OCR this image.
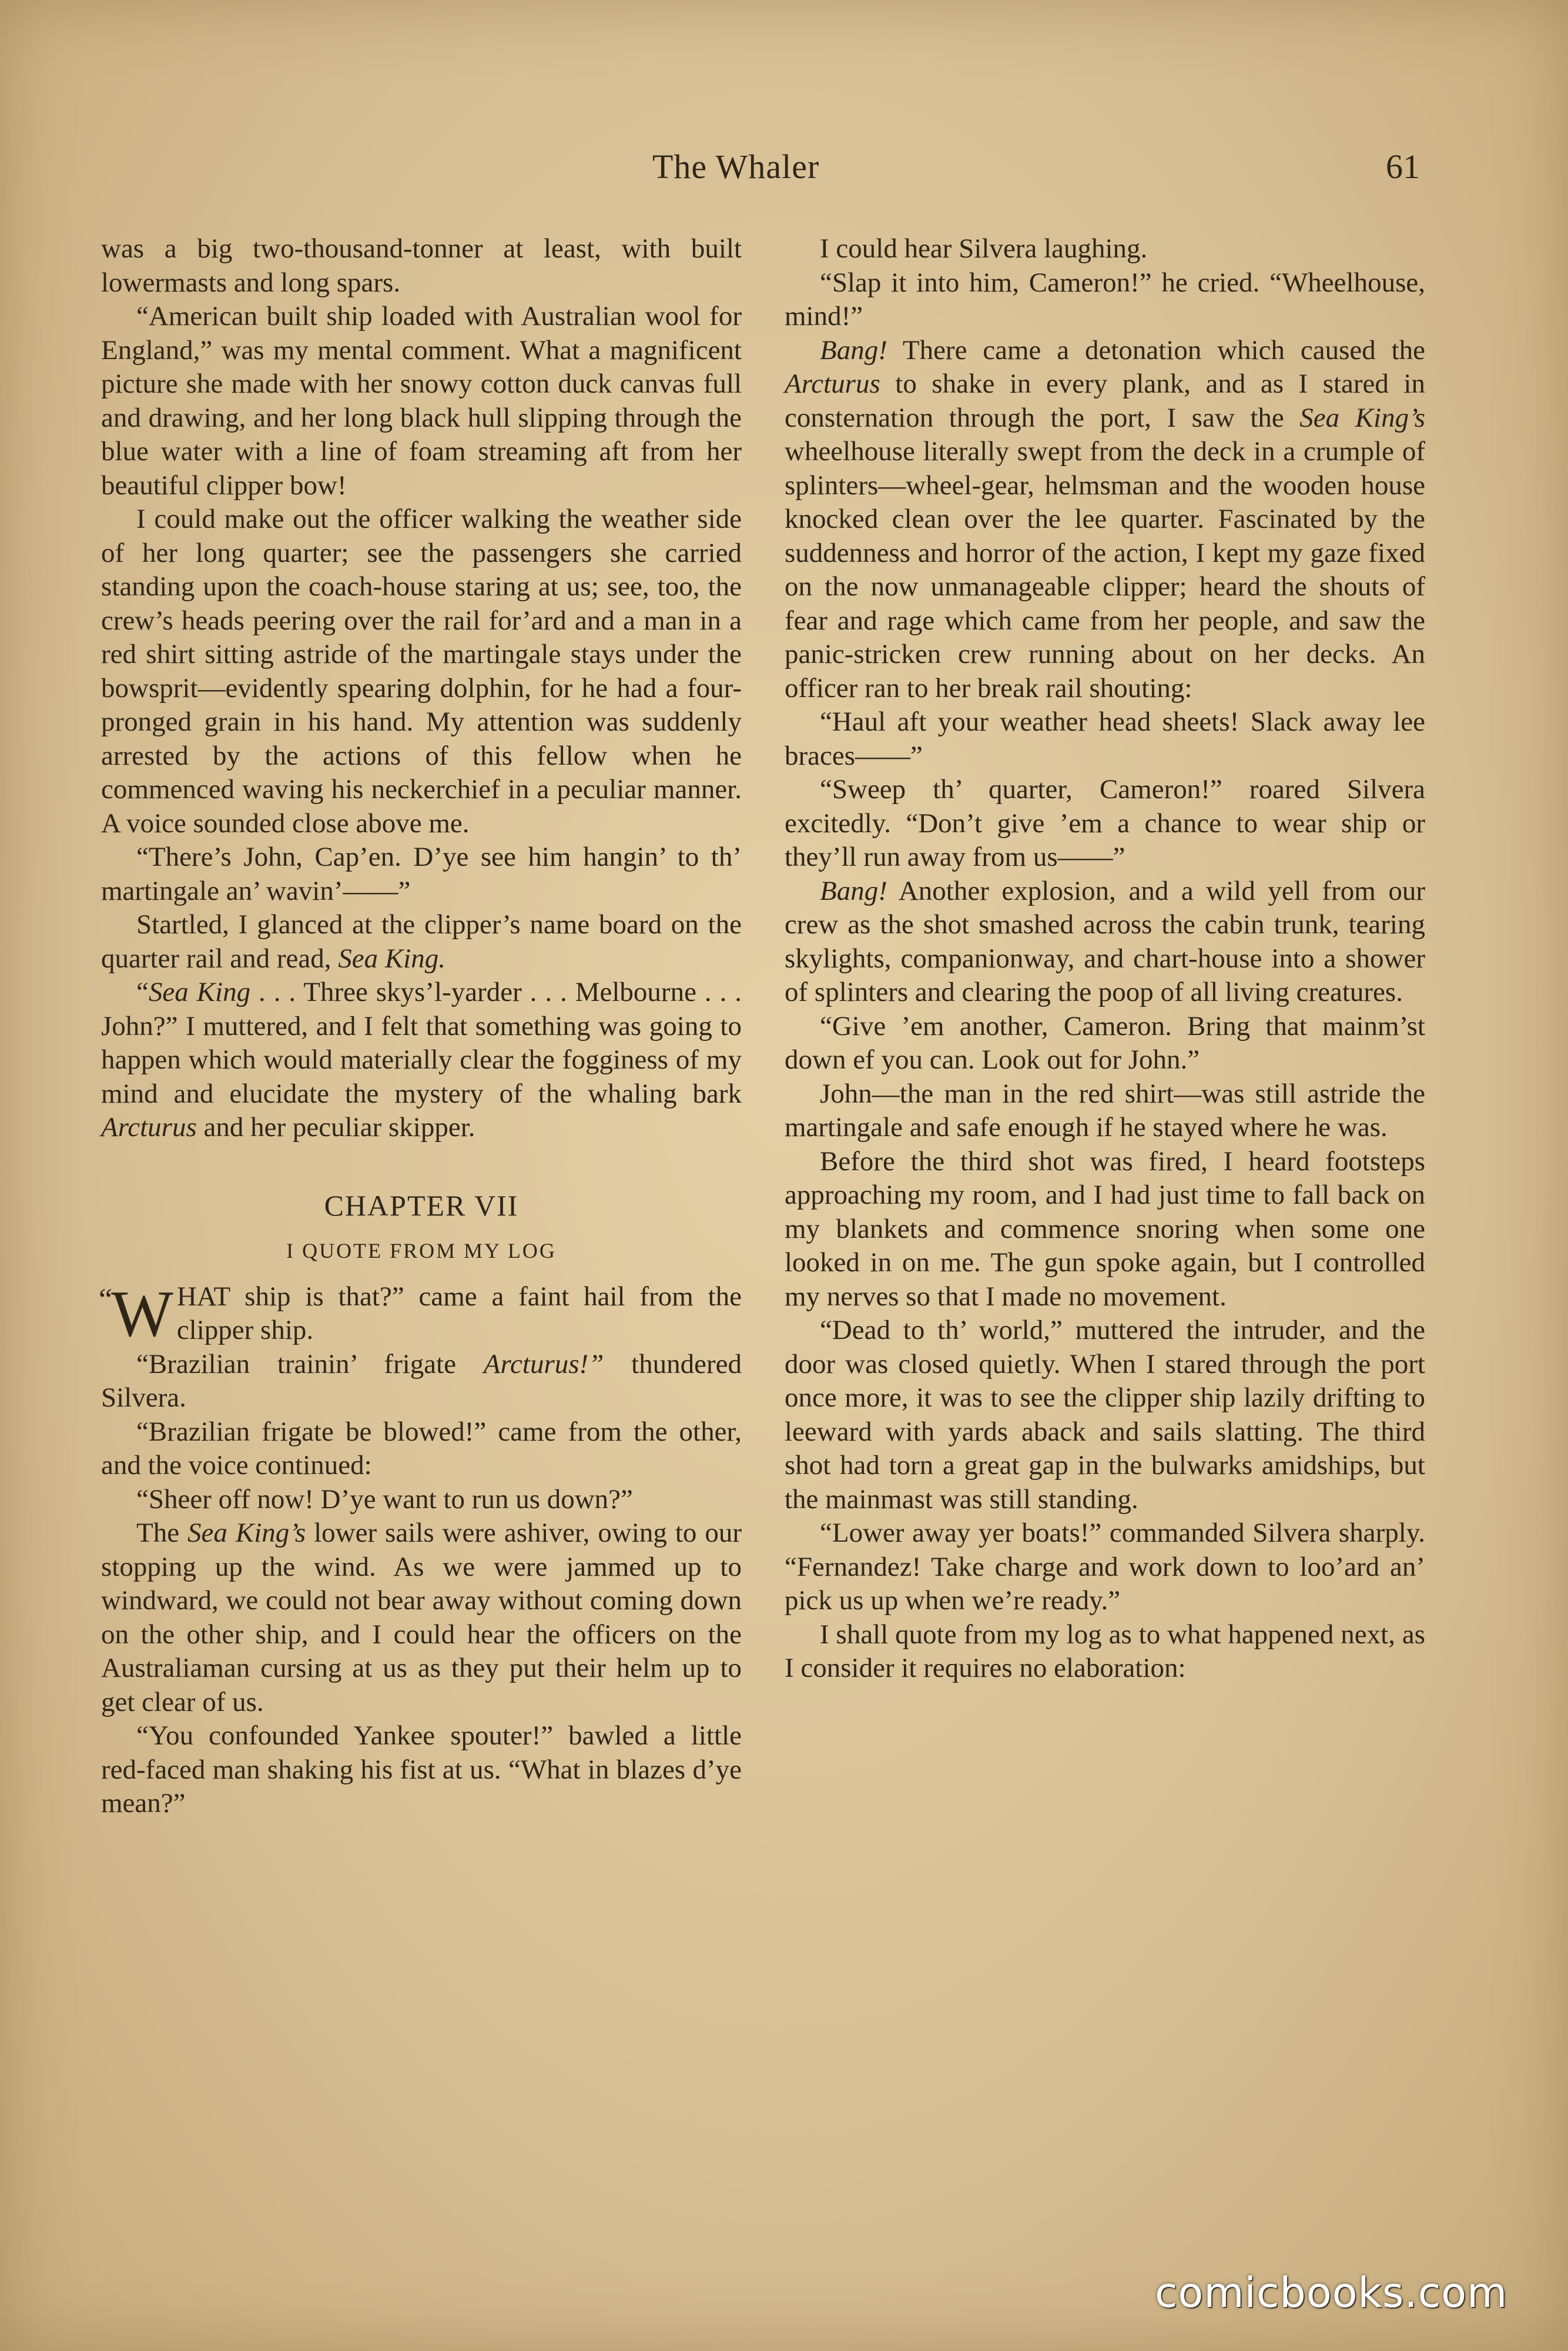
The Whaler	61

was a big two-thousand-tonner at least, with built lowermasts and long spars.

“American built ship loaded with Australian wool for England,” was my mental comment. What a magnificent picture she made with her snowy cotton duck canvas full and drawing, and her long black hull slipping through the blue water with a line of foam streaming aft from her beautiful clipper bow!

I could make out the officer walking the weather side of her long quarter; see the passengers she carried standing upon the coach-house staring at us; see, too, the crew’s heads peering over the rail for’ard and a man in a red shirt sitting astride of the martingale stays under the bowsprit—evidently spearing dolphin, for he had a four-pronged grain in his hand. My attention was suddenly arrested by the actions of this fellow when he commenced waving his neckerchief in a peculiar manner. A voice sounded close above me.

“There’s John, Cap’en. D’ye see him hangin’ to th’ martingale an’ wavin’——”

Startled, I glanced at the clipper’s name board on the quarter rail and read, Sea King.

“Sea King . . . Three skys’l-yarder . . . Melbourne . . . John?” I muttered, and I felt that something was going to happen which would materially clear the fogginess of my mind and elucidate the mystery of the whaling bark Arcturus and her peculiar skipper.

CHAPTER VII
I QUOTE FROM MY LOG

“
W HAT ship is that?” came a faint hail from the clipper ship.

“Brazilian trainin’ frigate Arcturus!” thundered Silvera.

“Brazilian frigate be blowed!” came from the other, and the voice continued:

“Sheer off now! D’ye want to run us down?”

The Sea King’s lower sails were ashiver, owing to our stopping up the wind. As we were jammed up to windward, we could not bear away without coming down on the other ship, and I could hear the officers on the Australiaman cursing at us as they put their helm up to get clear of us.

“You confounded Yankee spouter!” bawled a little red-faced man shaking his fist at us. “What in blazes d’ye mean?”

I could hear Silvera laughing.

“Slap it into him, Cameron!” he cried. “Wheelhouse, mind!”

Bang! There came a detonation which caused the Arcturus to shake in every plank, and as I stared in consternation through the port, I saw the Sea King’s wheelhouse literally swept from the deck in a crumple of splinters—wheel-gear, helmsman and the wooden house knocked clean over the lee quarter. Fascinated by the suddenness and horror of the action, I kept my gaze fixed on the now unmanageable clipper; heard the shouts of fear and rage which came from her people, and saw the panic-stricken crew running about on her decks. An officer ran to her break rail shouting:

“Haul aft your weather head sheets! Slack away lee braces——”

“Sweep th’ quarter, Cameron!” roared Silvera excitedly. “Don’t give ’em a chance to wear ship or they’ll run away from us——”

Bang! Another explosion, and a wild yell from our crew as the shot smashed across the cabin trunk, tearing skylights, companionway, and chart-house into a shower of splinters and clearing the poop of all living creatures.

“Give ’em another, Cameron. Bring that mainm’st down ef you can. Look out for John.”

John—the man in the red shirt—was still astride the martingale and safe enough if he stayed where he was.

Before the third shot was fired, I heard footsteps approaching my room, and I had just time to fall back on my blankets and commence snoring when some one looked in on me. The gun spoke again, but I controlled my nerves so that I made no movement.

“Dead to th’ world,” muttered the intruder, and the door was closed quietly. When I stared through the port once more, it was to see the clipper ship lazily drifting to leeward with yards aback and sails slatting. The third shot had torn a great gap in the bulwarks amidships, but the mainmast was still standing.

“Lower away yer boats!” commanded Silvera sharply. “Fernandez! Take charge and work down to loo’ard an’ pick us up when we’re ready.”

I shall quote from my log as to what happened next, as I consider it requires no elaboration:

comicbooks.com
